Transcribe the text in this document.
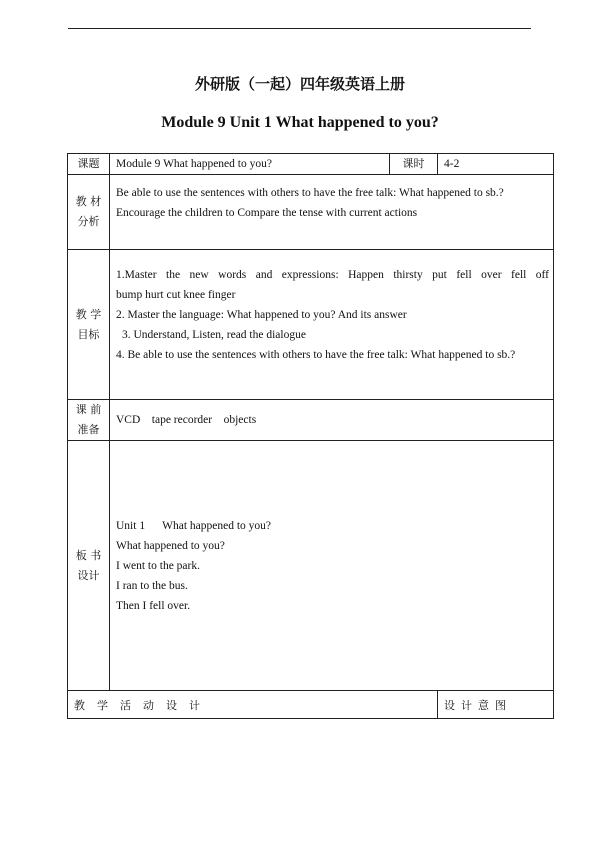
外研版（一起）四年级英语上册
Module 9 Unit 1 What happened to you?
课题	Module 9 What happened to you?	课时	4-2

教 材
分析	Be able to use the sentences with others to have the free talk: What happened to sb.?
Encourage the children to Compare the tense with current actions		

教 学
目标	1.Master the new words and expressions: Happen thirsty put fell over fell off
bump hurt cut knee finger
2. Master the language: What happened to you? And its answer
3. Understand, Listen, read the dialogue
4. Be able to use the sentences with others to have the free talk: What happened to sb.?		

课 前
准备	VCD    tape recorder    objects		

板 书
设计	Unit 1      What happened to you?
What happened to you?
I went to the park.
I ran to the bus.
Then I fell over.		

教学活动设计			设计意图
